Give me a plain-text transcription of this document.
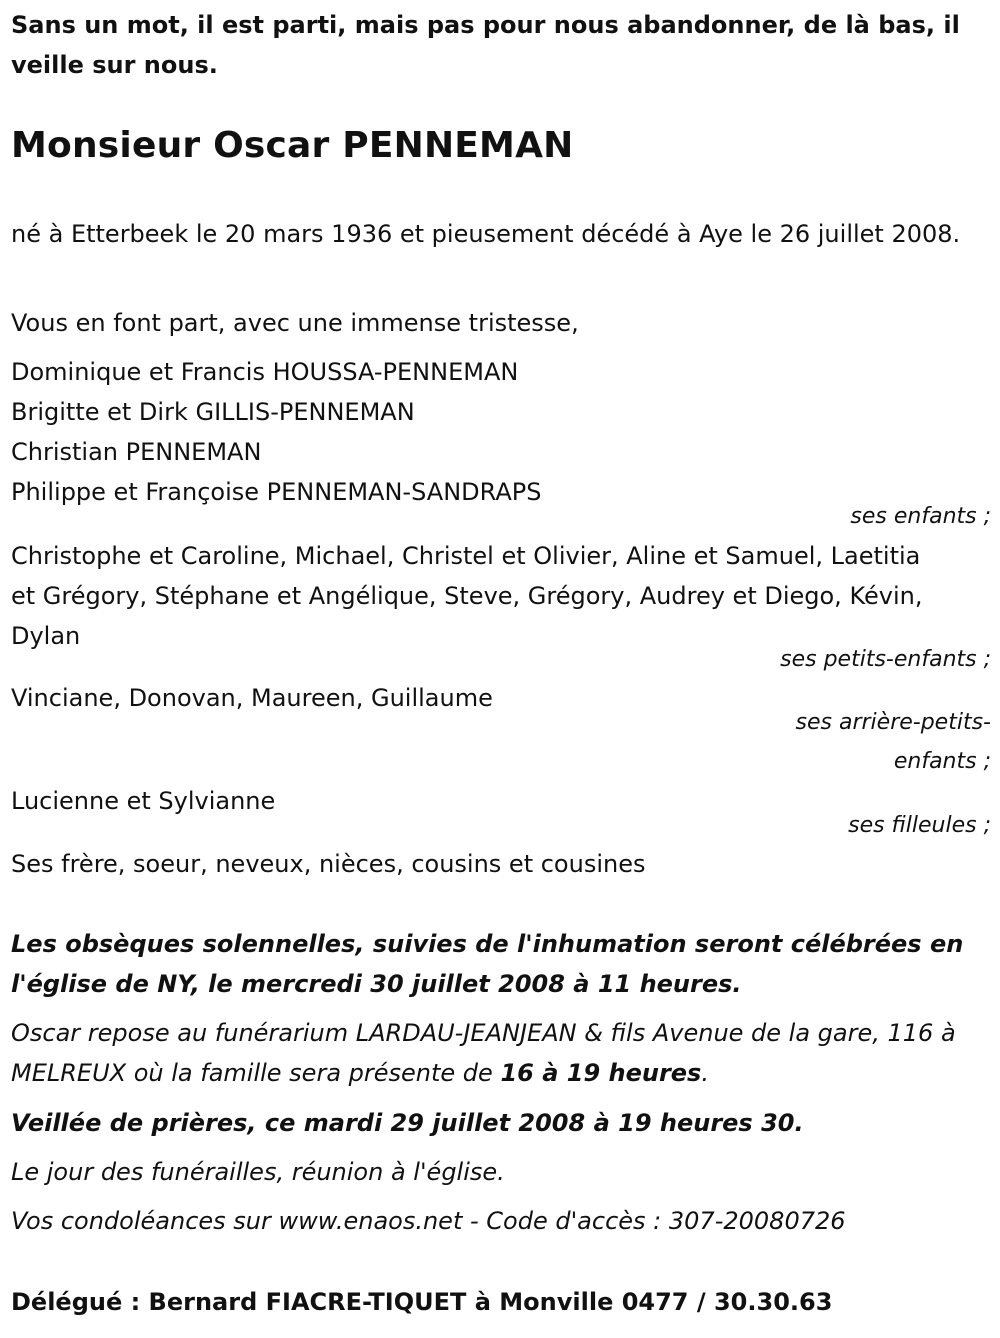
Sans un mot, il est parti, mais pas pour nous abandonner, de là bas, il veille sur nous.
Monsieur Oscar PENNEMAN
né à Etterbeek le 20 mars 1936 et pieusement décédé à Aye le 26 juillet 2008.
Vous en font part, avec une immense tristesse,
Dominique et Francis HOUSSA-PENNEMAN
Brigitte et Dirk GILLIS-PENNEMAN
Christian PENNEMAN
Philippe et Françoise PENNEMAN-SANDRAPS
ses enfants ;
Christophe et Caroline, Michael, Christel et Olivier, Aline et Samuel, Laetitia et Grégory, Stéphane et Angélique, Steve, Grégory, Audrey et Diego, Kévin, Dylan
ses petits-enfants ;
Vinciane, Donovan, Maureen, Guillaume
ses arrière-petits-
enfants ;
Lucienne et Sylvianne
ses filleules ;
Ses frère, soeur, neveux, nièces, cousins et cousines
Les obsèques solennelles, suivies de l'inhumation seront célébrées en l'église de NY, le mercredi 30 juillet 2008 à 11 heures.
Oscar repose au funérarium LARDAU-JEANJEAN & fils Avenue de la gare, 116 à MELREUX où la famille sera présente de 16 à 19 heures.
Veillée de prières, ce mardi 29 juillet 2008 à 19 heures 30.
Le jour des funérailles, réunion à l'église.
Vos condoléances sur www.enaos.net - Code d'accès : 307-20080726
Délégué : Bernard FIACRE-TIQUET à Monville 0477 / 30.30.63
